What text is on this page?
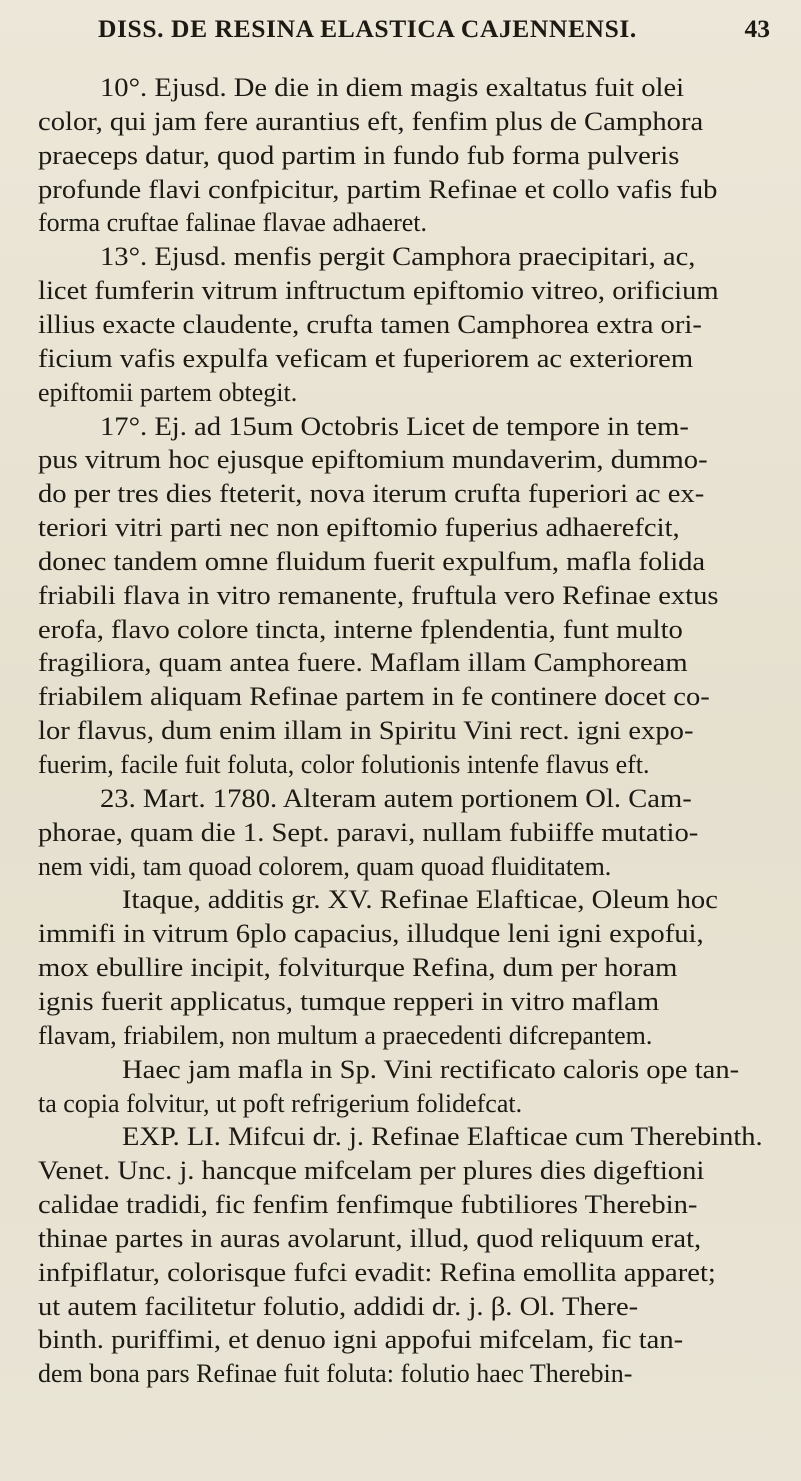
DISS. DE RESINA ELASTICA CAJENNENSI.	43
10°. Ejusd. De die in diem magis exaltatus fuit olei
color, qui jam fere aurantius eft, fenfim plus de Camphora
praeceps datur, quod partim in fundo fub forma pulveris
profunde flavi confpicitur, partim Refinae et collo vafis fub
forma cruftae falinae flavae adhaeret.
13°. Ejusd. menfis pergit Camphora praecipitari, ac,
licet fumferin vitrum inftructum epiftomio vitreo, orificium
illius exacte claudente, crufta tamen Camphorea extra ori-
ficium vafis expulfa veficam et fuperiorem ac exteriorem
epiftomii partem obtegit.
17°. Ej. ad 15um Octobris Licet de tempore in tem-
pus vitrum hoc ejusque epiftomium mundaverim, dummo-
do per tres dies fteterit, nova iterum crufta fuperiori ac ex-
teriori vitri parti nec non epiftomio fuperius adhaerefcit,
donec tandem omne fluidum fuerit expulfum, mafla folida
friabili flava in vitro remanente, fruftula vero Refinae extus
erofa, flavo colore tincta, interne fplendentia, funt multo
fragiliora, quam antea fuere. Maflam illam Camphoream
friabilem aliquam Refinae partem in fe continere docet co-
lor flavus, dum enim illam in Spiritu Vini rect. igni expo-
fuerim, facile fuit foluta, color folutionis intenfe flavus eft.
23. Mart. 1780. Alteram autem portionem Ol. Cam-
phorae, quam die 1. Sept. paravi, nullam fubiiffe mutatio-
nem vidi, tam quoad colorem, quam quoad fluiditatem.
Itaque, additis gr. XV. Refinae Elafticae, Oleum hoc
immifi in vitrum 6plo capacius, illudque leni igni expofui,
mox ebullire incipit, folviturque Refina, dum per horam
ignis fuerit applicatus, tumque repperi in vitro maflam
flavam, friabilem, non multum a praecedenti difcrepantem.
Haec jam mafla in Sp. Vini rectificato caloris ope tan-
ta copia folvitur, ut poft refrigerium folidefcat.
EXP. LI. Mifcui dr. j. Refinae Elafticae cum Therebinth.
Venet. Unc. j. hancque mifcelam per plures dies digeftioni
calidae tradidi, fic fenfim fenfimque fubtiliores Therebin-
thinae partes in auras avolarunt, illud, quod reliquum erat,
infpiflatur, colorisque fufci evadit: Refina emollita apparet;
ut autem facilitetur folutio, addidi dr. j. β. Ol. There-
binth. puriffimi, et denuo igni appofui mifcelam, fic tan-
dem bona pars Refinae fuit foluta: folutio haec Therebin-
